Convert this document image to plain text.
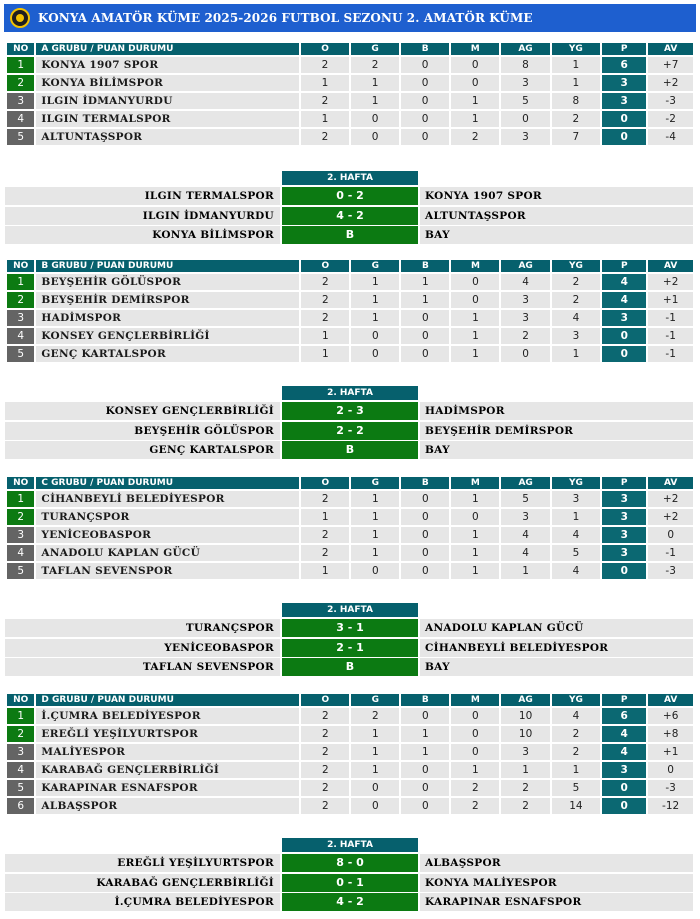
KONYA AMATÖR KÜME 2025-2026 FUTBOL SEZONU 2. AMATÖR KÜME
NO	A GRUBU / PUAN DURUMU	O	G	B	M	AG	YG	P	AV
1	KONYA 1907 SPOR	2	2	0	0	8	1	6	+7
2	KONYA BİLİMSPOR	1	1	0	0	3	1	3	+2
3	ILGIN İDMANYURDU	2	1	0	1	5	8	3	-3
4	ILGIN TERMALSPOR	1	0	0	1	0	2	0	-2
5	ALTUNTAŞSPOR	2	0	0	2	3	7	0	-4
2. HAFTA
ILGIN TERMALSPOR	0 - 2	KONYA 1907 SPOR
ILGIN İDMANYURDU	4 - 2	ALTUNTAŞSPOR
KONYA BİLİMSPOR	B	BAY
NO	B GRUBU / PUAN DURUMU	O	G	B	M	AG	YG	P	AV
1	BEYŞEHİR GÖLÜSPOR	2	1	1	0	4	2	4	+2
2	BEYŞEHİR DEMİRSPOR	2	1	1	0	3	2	4	+1
3	HADİMSPOR	2	1	0	1	3	4	3	-1
4	KONSEY GENÇLERBİRLİĞİ	1	0	0	1	2	3	0	-1
5	GENÇ KARTALSPOR	1	0	0	1	0	1	0	-1
2. HAFTA
KONSEY GENÇLERBİRLİĞİ	2 - 3	HADİMSPOR
BEYŞEHİR GÖLÜSPOR	2 - 2	BEYŞEHİR DEMİRSPOR
GENÇ KARTALSPOR	B	BAY
NO	C GRUBU / PUAN DURUMU	O	G	B	M	AG	YG	P	AV
1	CİHANBEYLİ BELEDİYESPOR	2	1	0	1	5	3	3	+2
2	TURANÇSPOR	1	1	0	0	3	1	3	+2
3	YENİCEOBASPOR	2	1	0	1	4	4	3	0
4	ANADOLU KAPLAN GÜCÜ	2	1	0	1	4	5	3	-1
5	TAFLAN SEVENSPOR	1	0	0	1	1	4	0	-3
2. HAFTA
TURANÇSPOR	3 - 1	ANADOLU KAPLAN GÜCÜ
YENİCEOBASPOR	2 - 1	CİHANBEYLİ BELEDİYESPOR
TAFLAN SEVENSPOR	B	BAY
NO	D GRUBU / PUAN DURUMU	O	G	B	M	AG	YG	P	AV
1	İ.ÇUMRA BELEDİYESPOR	2	2	0	0	10	4	6	+6
2	EREĞLİ YEŞİLYURTSPOR	2	1	1	0	10	2	4	+8
3	MALİYESPOR	2	1	1	0	3	2	4	+1
4	KARABAĞ GENÇLERBİRLİĞİ	2	1	0	1	1	1	3	0
5	KARAPINAR ESNAFSPOR	2	0	0	2	2	5	0	-3
6	ALBAŞSPOR	2	0	0	2	2	14	0	-12
2. HAFTA
EREĞLİ YEŞİLYURTSPOR	8 - 0	ALBAŞSPOR
KARABAĞ GENÇLERBİRLİĞİ	0 - 1	KONYA MALİYESPOR
İ.ÇUMRA BELEDİYESPOR	4 - 2	KARAPINAR ESNAFSPOR
